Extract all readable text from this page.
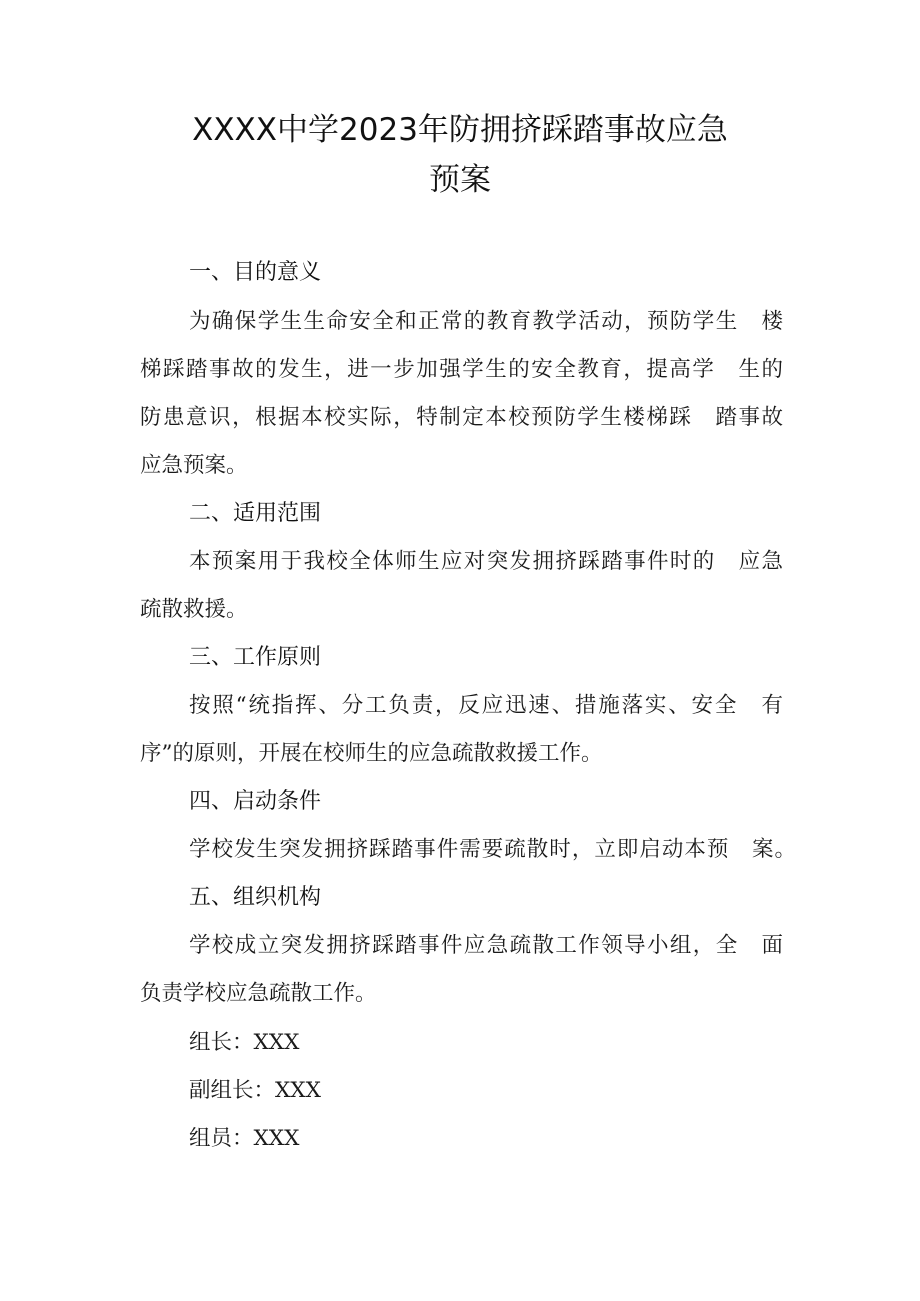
XXXX中学2023年防拥挤踩踏事故应急
预案
一、目的意义
为确保学生生命安全和正常的教育教学活动，预防学生　楼
梯踩踏事故的发生，进一步加强学生的安全教育，提高学　生的
防患意识，根据本校实际，特制定本校预防学生楼梯踩　踏事故
应急预案。
二、适用范围
本预案用于我校全体师生应对突发拥挤踩踏事件时的　应急
疏散救援。
三、工作原则
按照“统指挥、分工负责，反应迅速、措施落实、安全　有
序”的原则，开展在校师生的应急疏散救援工作。
四、启动条件
学校发生突发拥挤踩踏事件需要疏散时，立即启动本预　案。
五、组织机构
学校成立突发拥挤踩踏事件应急疏散工作领导小组，全　面
负责学校应急疏散工作。
组长：XXX
副组长：XXX
组员：XXX
